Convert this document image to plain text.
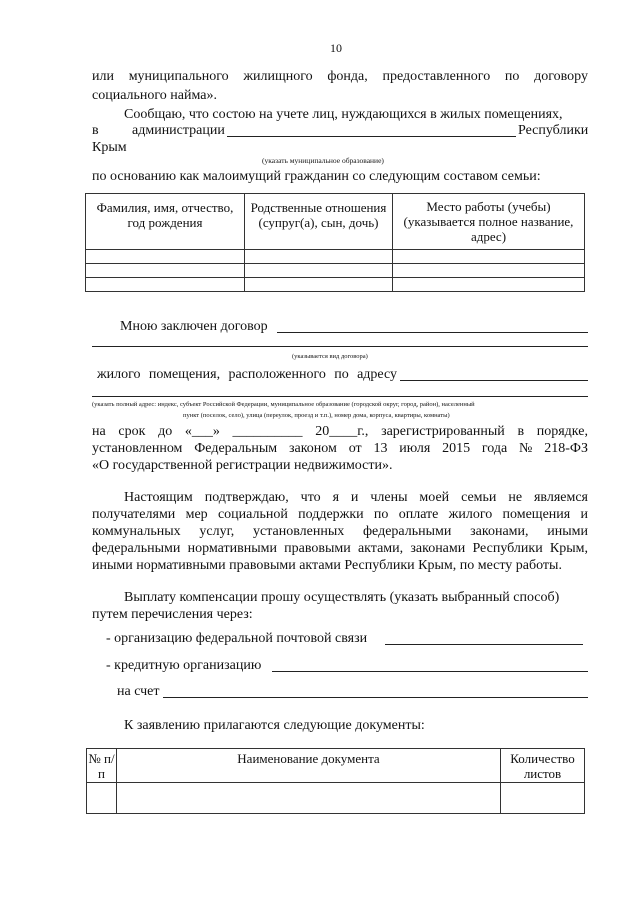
10
или муниципального жилищного фонда, предоставленного по договору
социального найма».
Сообщаю, что состою на учете лиц, нуждающихся в жилых помещениях,
в администрации	Республики
Крым
(указать муниципальное образование)
по основанию как малоимущий гражданин со следующим составом семьи:
Фамилия, имя, отчество, год рождения	Родственные отношения (супруг(а), сын, дочь)	Место работы (учебы) (указывается полное название, адрес)

Мною заключен договор
(указывается вид договора)
жилого помещения, расположенного по адресу
(указать полный адрес: индекс, субъект Российской Федерации, муниципальное образование (городской округ, город, район), населенный
пункт (поселок, село), улица (переулок, проезд и т.п.), номер дома, корпуса, квартиры, комнаты)
на срок до «___» __________ 20____г., зарегистрированный в порядке,
установленном Федеральным законом от 13 июля 2015 года № 218-ФЗ
«О государственной регистрации недвижимости».
Настоящим подтверждаю, что я и члены моей семьи не являемся
получателями мер социальной поддержки по оплате жилого помещения и
коммунальных услуг, установленных федеральными законами, иными
федеральными нормативными правовыми актами, законами Республики Крым,
иными нормативными правовыми актами Республики Крым, по месту работы.
Выплату компенсации прошу осуществлять (указать выбранный способ)
путем перечисления через:
- организацию федеральной почтовой связи
- кредитную организацию
на счет
К заявлению прилагаются следующие документы:
№ п/п	Наименование документа	Количество листов
